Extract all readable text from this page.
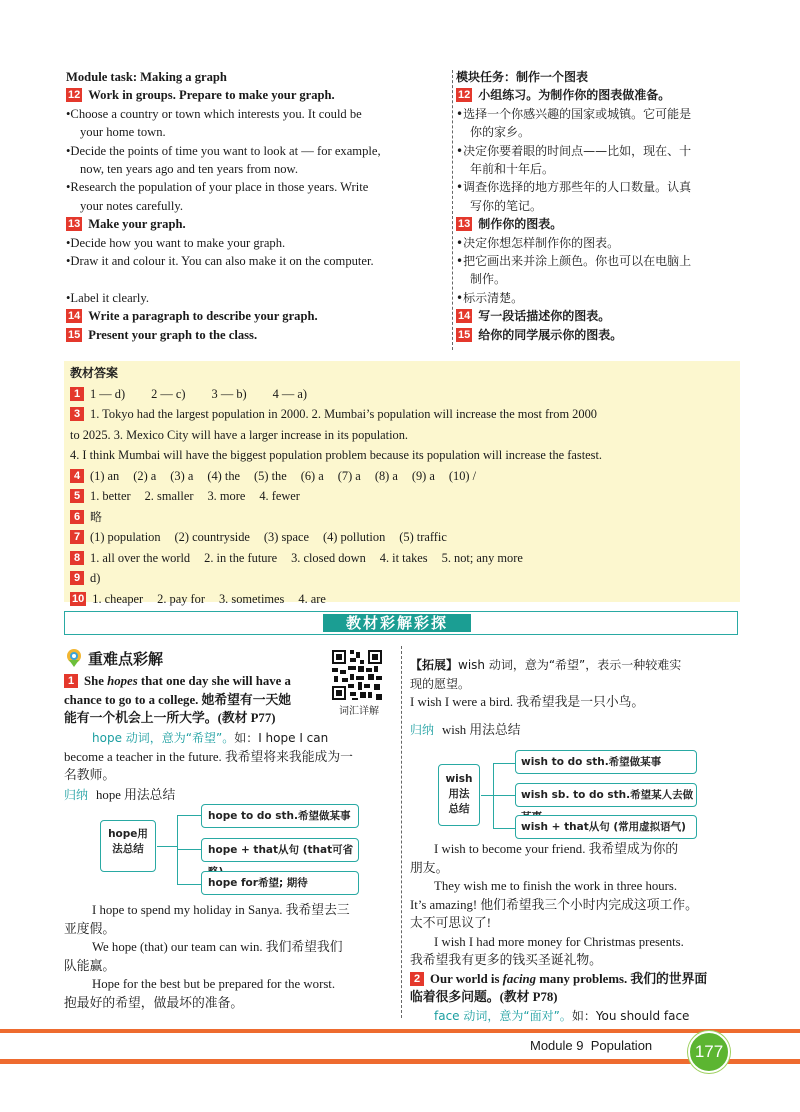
Module task: Making a graph
12 Work in groups. Prepare to make your graph.
•Choose a country or town which interests you. It could be
your home town.
•Decide the points of time you want to look at — for example,
now, ten years ago and ten years from now.
•Research the population of your place in those years. Write
your notes carefully.
13 Make your graph.
•Decide how you want to make your graph.
•Draw it and colour it. You can also make it on the computer.
•Label it clearly.
14 Write a paragraph to describe your graph.
15 Present your graph to the class.
模块任务：制作一个图表
12 小组练习。为制作你的图表做准备。
•选择一个你感兴趣的国家或城镇。它可能是
你的家乡。
•决定你要着眼的时间点——比如，现在、十
年前和十年后。
•调查你选择的地方那些年的人口数量。认真
写你的笔记。
13 制作你的图表。
•决定你想怎样制作你的图表。
•把它画出来并涂上颜色。你也可以在电脑上
制作。
•标示清楚。
14 写一段话描述你的图表。
15 给你的同学展示你的图表。
教材答案
1 1 — d) 2 — c) 3 — b) 4 — a)
3 1. Tokyo had the largest population in 2000. 2. Mumbai’s population will increase the most from 2000
to 2025. 3. Mexico City will have a larger increase in its population.
4. I think Mumbai will have the biggest population problem because its population will increase the fastest.
4 (1) an (2) a (3) a (4) the (5) the (6) a (7) a (8) a (9) a (10) /
5 1. better 2. smaller 3. more 4. fewer
6 略
7 (1) population (2) countryside (3) space (4) pollution (5) traffic
8 1. all over the world 2. in the future 3. closed down 4. it takes 5. not; any more
9 d)
10 1. cheaper 2. pay for 3. sometimes 4. are
教材彩解彩探
重难点彩解
词汇详解
1 She hopes that one day she will have a
chance to go to a college. 她希望有一天她
能有一个机会上一所大学。(教材 P77)
hope 动词，意为“希望”。如：I hope I can
become a teacher in the future. 我希望将来我能成为一
名教师。
归纳 hope 用法总结
hope用
法总结
hope to do sth.希望做某事
hope + that从句 (that可省
hope for希望; 期待
I hope to spend my holiday in Sanya. 我希望去三
亚度假。
We hope (that) our team can win. 我们希望我们
队能赢。
Hope for the best but be prepared for the worst.
抱最好的希望，做最坏的准备。
【拓展】wish 动词，意为“希望”，表示一种较难实
现的愿望。
I wish I were a bird. 我希望我是一只小鸟。
归纳 wish 用法总结
wish
用法
总结
wish to do sth.希望做某事
wish sb. to do sth.希望某人去做
wish + that从句 (常用虚拟语气)
I wish to become your friend. 我希望成为你的
朋友。
They wish me to finish the work in three hours.
It’s amazing! 他们希望我三个小时内完成这项工作。
太不可思议了!
I wish I had more money for Christmas presents.
我希望我有更多的钱买圣诞礼物。
2 Our world is facing many problems. 我们的世界面
临着很多问题。(教材 P78)
face 动词，意为“面对”。如：You should face
Module 9 Population	177
